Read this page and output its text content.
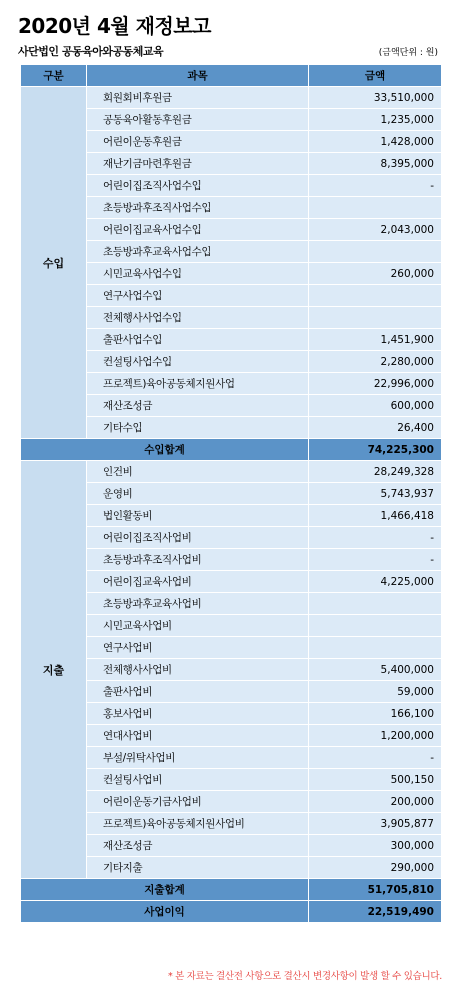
2020년 4월 재정보고
사단법인 공동육아와공동체교육	(금액단위 : 원)
구분	과목	금액
수입	회원회비후원금	33,510,000
	공동육아활동후원금	1,235,000
	어린이운동후원금	1,428,000
	재난기금마련후원금	8,395,000
	어린이집조직사업수입	-
	초등방과후조직사업수입	
	어린이집교육사업수입	2,043,000
	초등방과후교육사업수입	
	시민교육사업수입	260,000
	연구사업수입	
	전체행사사업수입	
	출판사업수입	1,451,900
	컨설팅사업수입	2,280,000
	프로젝트)육아공동체지원사업	22,996,000
	재산조성금	600,000
	기타수입	26,400
수입합계		74,225,300
지출	인건비	28,249,328
	운영비	5,743,937
	법인활동비	1,466,418
	어린이집조직사업비	-
	초등방과후조직사업비	-
	어린이집교육사업비	4,225,000
	초등방과후교육사업비	
	시민교육사업비	
	연구사업비	
	전체행사사업비	5,400,000
	출판사업비	59,000
	홍보사업비	166,100
	연대사업비	1,200,000
	부설/위탁사업비	-
	컨설팅사업비	500,150
	어린이운동기금사업비	200,000
	프로젝트)육아공동체지원사업비	3,905,877
	재산조성금	300,000
	기타지출	290,000
지출합계		51,705,810
사업이익		22,519,490
* 본 자료는 결산전 사항으로 결산시 변경사항이 발생 할 수 있습니다.
